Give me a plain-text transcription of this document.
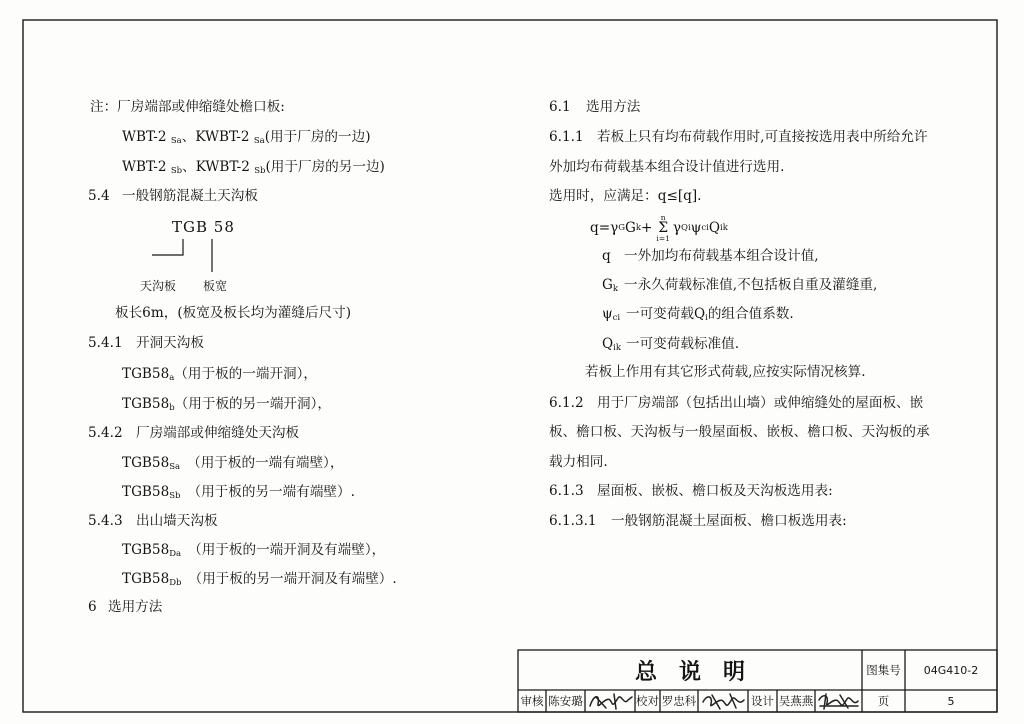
注：厂房端部或伸缩缝处檐口板:
WBT-2 $_{Sa}$、KWBT-2 $_{Sa}$(用于厂房的一边)
WBT-2 $_{Sb}$、KWBT-2 $_{Sb}$(用于厂房的另一边)
5.4 一般钢筋混凝土天沟板
TGB 58
天沟板 板宽
板长6m，(板宽及板长均为灌缝后尺寸)
5.4.1 开洞天沟板
$TGB58_a$（用于板的一端开洞），
$TGB58_b$（用于板的另一端开洞），
5.4.2 厂房端部或伸缩缝处天沟板
$TGB58_{Sa}$ （用于板的一端有端壁），
$TGB58_{Sb}$ （用于板的另一端有端壁）.
5.4.3 出山墙天沟板
$TGB58_{Da}$ （用于板的一端开洞及有端壁），
$TGB58_{Db}$ （用于板的另一端开洞及有端壁）.
6 选用方法
6.1 选用方法
6.1.1 若板上只有均布荷载作用时,可直接按选用表中所给允许
外加均布荷载基本组合设计值进行选用.
选用时，应满足：q≤[q].
q=γ G G k +
n
Σ
i=1
γ Qi ψ ci Q ik
q 一外加均布荷载基本组合设计值,
$G_k$ 一永久荷载标准值,不包括板自重及灌缝重,
$\psi_{ci}$ 一可变荷载$Q_i$的组合值系数.
$Q_{ik}$ 一可变荷载标准值.
若板上作用有其它形式荷载,应按实际情况核算.
6.1.2 用于厂房端部（包括出山墙）或伸缩缝处的屋面板、嵌
板、檐口板、天沟板与一般屋面板、嵌板、檐口板、天沟板的承
载力相同.
6.1.3 屋面板、嵌板、檐口板及天沟板选用表:
6.1.3.1 一般钢筋混凝土屋面板、檐口板选用表:
总　说　明	图集号	04G410-2
审核 陈安璐	校对 罗忠科	设计 吴燕燕	页	5
